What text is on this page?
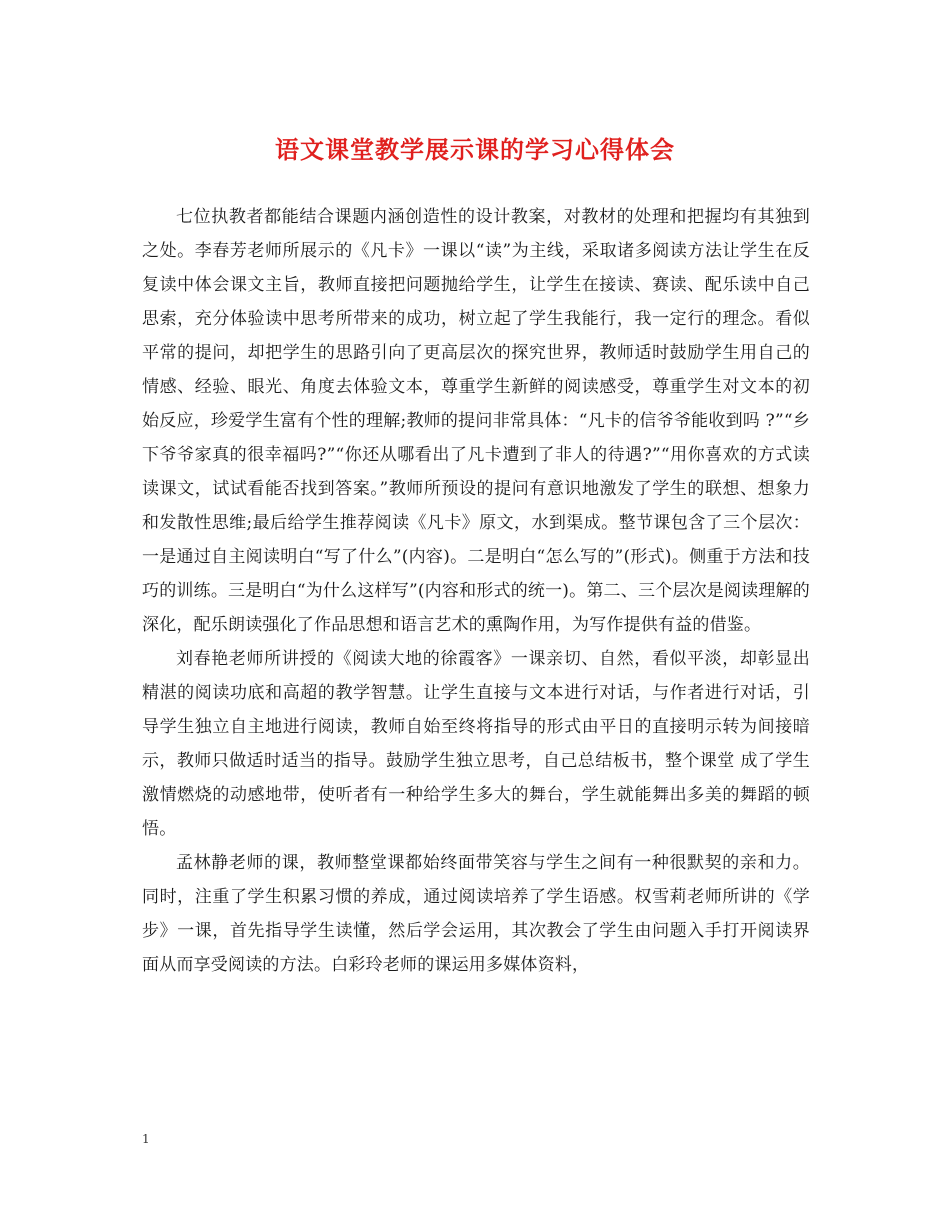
语文课堂教学展示课的学习心得体会

七位执教者都能结合课题内涵创造性的设计教案，对教材的处理和把握均有其独到之处。李春芳老师所展示的《凡卡》一课以“读”为主线，采取诸多阅读方法让学生在反复读中体会课文主旨，教师直接把问题抛给学生，让学生在接读、赛读、配乐读中自己思索，充分体验读中思考所带来的成功，树立起了学生我能行，我一定行的理念。看似平常的提问，却把学生的思路引向了更高层次的探究世界，教师适时鼓励学生用自己的情感、经验、眼光、角度去体验文本，尊重学生新鲜的阅读感受，尊重学生对文本的初始反应，珍爱学生富有个性的理解;教师的提问非常具体：“凡卡的信爷爷能收到吗 ?”“乡下爷爷家真的很幸福吗?”“你还从哪看出了凡卡遭到了非人的待遇?”“用你喜欢的方式读读课文，试试看能否找到答案。”教师所预设的提问有意识地激发了学生的联想、想象力和发散性思维;最后给学生推荐阅读《凡卡》原文，水到渠成。整节课包含了三个层次：一是通过自主阅读明白“写了什么”(内容)。二是明白“怎么写的”(形式)。侧重于方法和技巧的训练。三是明白“为什么这样写”(内容和形式的统一)。第二、三个层次是阅读理解的深化，配乐朗读强化了作品思想和语言艺术的熏陶作用，为写作提供有益的借鉴。

刘春艳老师所讲授的《阅读大地的徐霞客》一课亲切、自然，看似平淡，却彰显出精湛的阅读功底和高超的教学智慧。让学生直接与文本进行对话，与作者进行对话，引导学生独立自主地进行阅读，教师自始至终将指导的形式由平日的直接明示转为间接暗示，教师只做适时适当的指导。鼓励学生独立思考，自己总结板书，整个课堂 成了学生激情燃烧的动感地带，使听者有一种给学生多大的舞台，学生就能舞出多美的舞蹈的顿悟。

孟林静老师的课，教师整堂课都始终面带笑容与学生之间有一种很默契的亲和力。同时，注重了学生积累习惯的养成，通过阅读培养了学生语感。权雪莉老师所讲的《学步》一课，首先指导学生读懂，然后学会运用，其次教会了学生由问题入手打开阅读界面从而享受阅读的方法。白彩玲老师的课运用多媒体资料，

1
